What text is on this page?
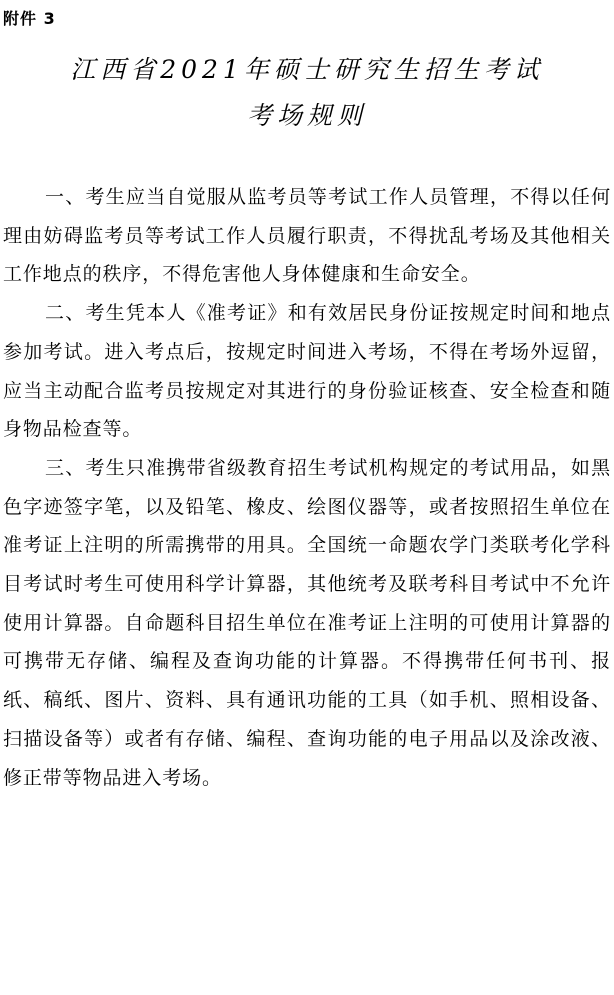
附件 3
江西省2021年硕士研究生招生考试
考场规则

一、考生应当自觉服从监考员等考试工作人员管理，不得以任何理由妨碍监考员等考试工作人员履行职责，不得扰乱考场及其他相关工作地点的秩序，不得危害他人身体健康和生命安全。

二、考生凭本人《准考证》和有效居民身份证按规定时间和地点参加考试。进入考点后，按规定时间进入考场，不得在考场外逗留，应当主动配合监考员按规定对其进行的身份验证核查、安全检查和随身物品检查等。

三、考生只准携带省级教育招生考试机构规定的考试用品，如黑色字迹签字笔，以及铅笔、橡皮、绘图仪器等，或者按照招生单位在准考证上注明的所需携带的用具。全国统一命题农学门类联考化学科目考试时考生可使用科学计算器，其他统考及联考科目考试中不允许使用计算器。自命题科目招生单位在准考证上注明的可使用计算器的可携带无存储、编程及查询功能的计算器。不得携带任何书刊、报纸、稿纸、图片、资料、具有通讯功能的工具（如手机、照相设备、扫描设备等）或者有存储、编程、查询功能的电子用品以及涂改液、修正带等物品进入考场。
